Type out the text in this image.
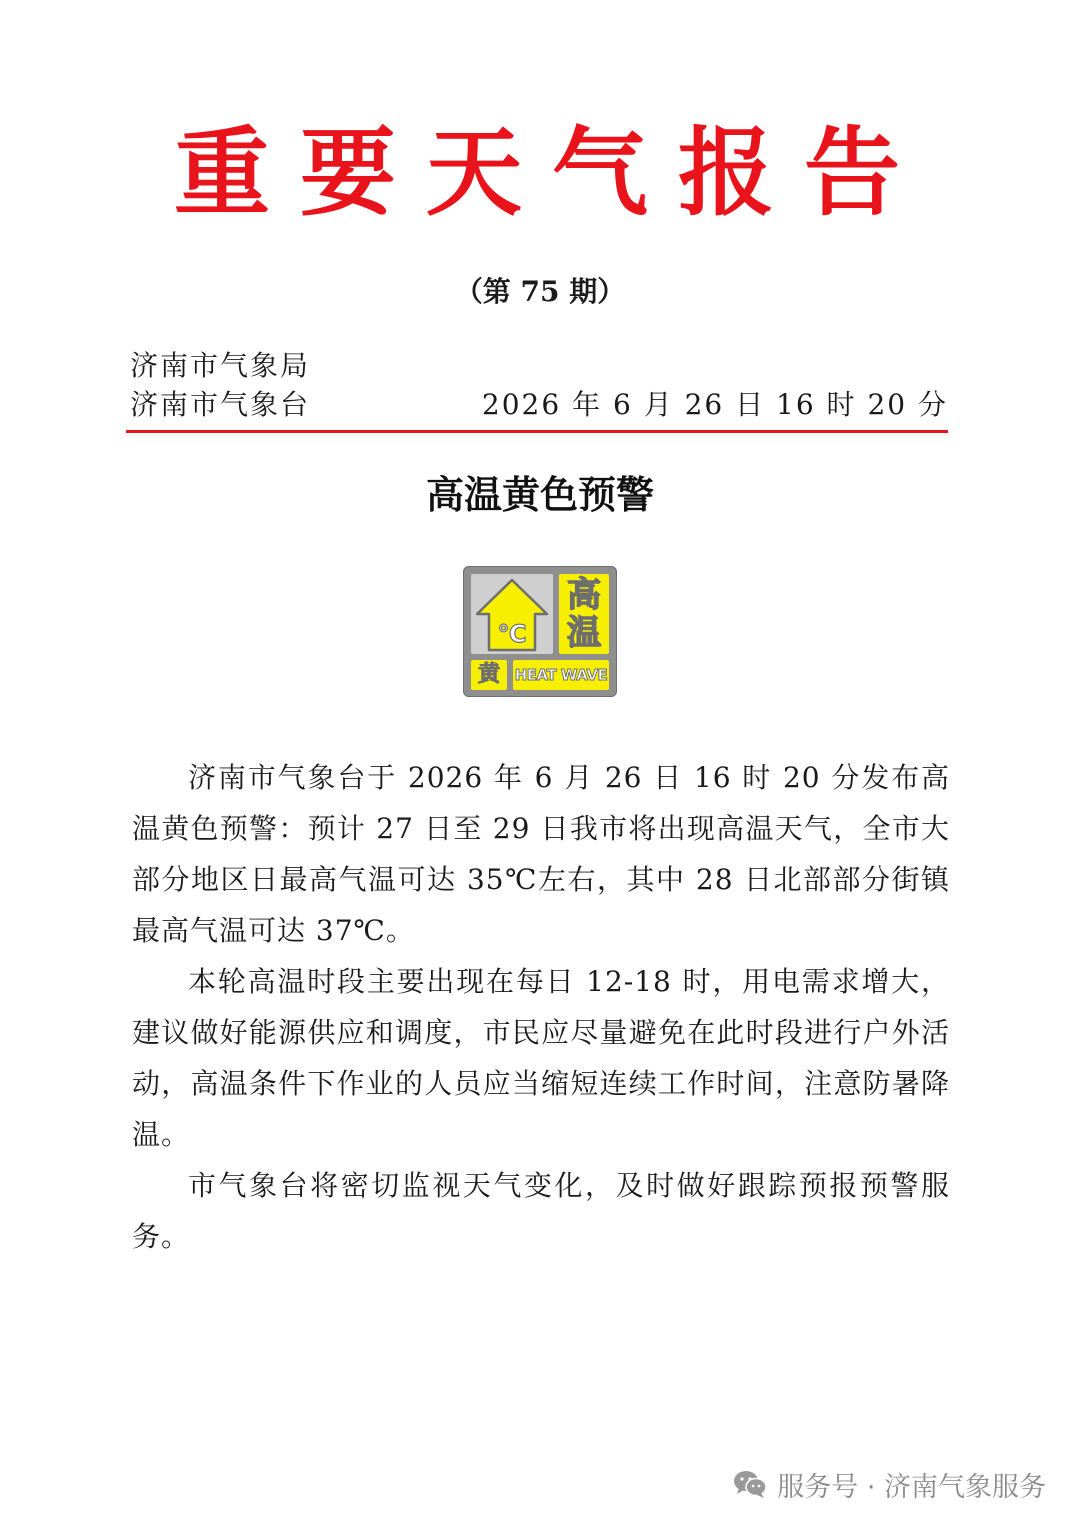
重要天气报告
（第 75 期）
济南市气象局
济南市气象台	2026 年 6 月 26 日 16 时 20 分
高温黄色预警
℃
高
温
黄 HEAT WAVE

济南市气象台于 2026 年 6 月 26 日 16 时 20 分发布高温黄色预警：预计 27 日至 29 日我市将出现高温天气，全市大部分地区日最高气温可达 35℃左右，其中 28 日北部部分街镇最高气温可达 37℃。

本轮高温时段主要出现在每日 12-18 时，用电需求增大，建议做好能源供应和调度，市民应尽量避免在此时段进行户外活动，高温条件下作业的人员应当缩短连续工作时间，注意防暑降温。

市气象台将密切监视天气变化，及时做好跟踪预报预警服务。

服务号 · 济南气象服务
